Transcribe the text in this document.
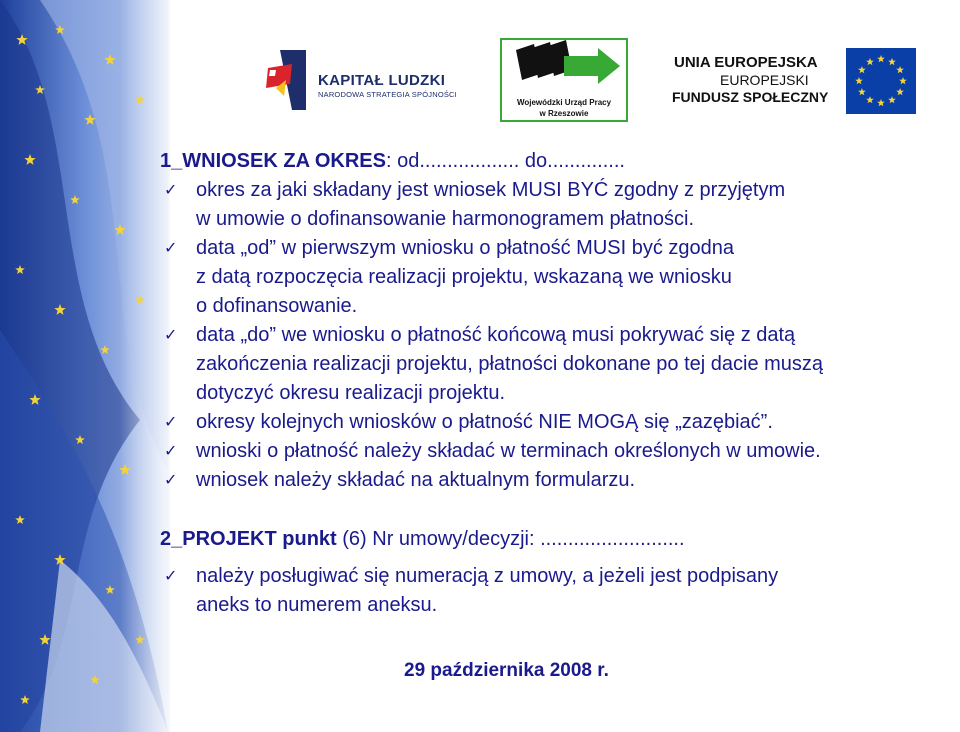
KAPITAŁ LUDZKI
NARODOWA STRATEGIA SPÓJNOŚCI
Wojewódzki Urząd Pracy
w Rzeszowie
UNIA EUROPEJSKA
EUROPEJSKI
FUNDUSZ SPOŁECZNY
1_WNIOSEK ZA OKRES: od.................. do..............
✓ okres za jaki składany jest wniosek MUSI BYĆ zgodny z przyjętym
w umowie o dofinansowanie harmonogramem płatności.
✓ data „od” w pierwszym wniosku o płatność MUSI być zgodna
z datą rozpoczęcia realizacji projektu, wskazaną we wniosku
o dofinansowanie.
✓ data „do” we wniosku o płatność końcową musi pokrywać się z datą
zakończenia realizacji projektu, płatności dokonane po tej dacie muszą
dotyczyć okresu realizacji projektu.
✓ okresy kolejnych wniosków o płatność NIE MOGĄ się „zazębiać”.
✓ wnioski o płatność należy składać w terminach określonych w umowie.
✓ wniosek należy składać na aktualnym formularzu.
2_PROJEKT punkt (6) Nr umowy/decyzji: ..........................
✓ należy posługiwać się numeracją z umowy, a jeżeli jest podpisany
aneks to numerem aneksu.
29 października 2008 r.
